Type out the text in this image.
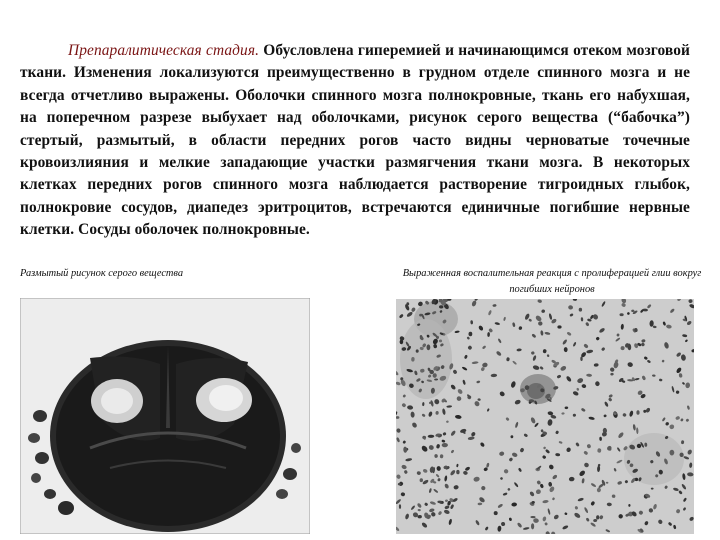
Препаралитическая стадия. Обусловлена гиперемией и начинающимся отеком мозговой ткани. Изменения локализуются преимущественно в грудном отделе спинного мозга и не всегда отчетливо выражены. Оболочки спинного мозга полнокровные, ткань его набухшая, на поперечном разрезе выбухает над оболочками, рисунок серого вещества (“бабочка”) стертый, размытый, в области передних рогов часто видны черноватые точечные кровоизлияния и мелкие западающие участки размягчения ткани мозга. В некоторых клетках передних рогов спинного мозга наблюдается растворение тигроидных глыбок, полнокровие сосудов, диапедез эритроцитов, встречаются единичные погибшие нервные клетки. Сосуды оболочек полнокровные.

Размытый рисунок серого вещества	Выраженная воспалительная реакция с пролиферацией глии вокруг погибших нейронов
